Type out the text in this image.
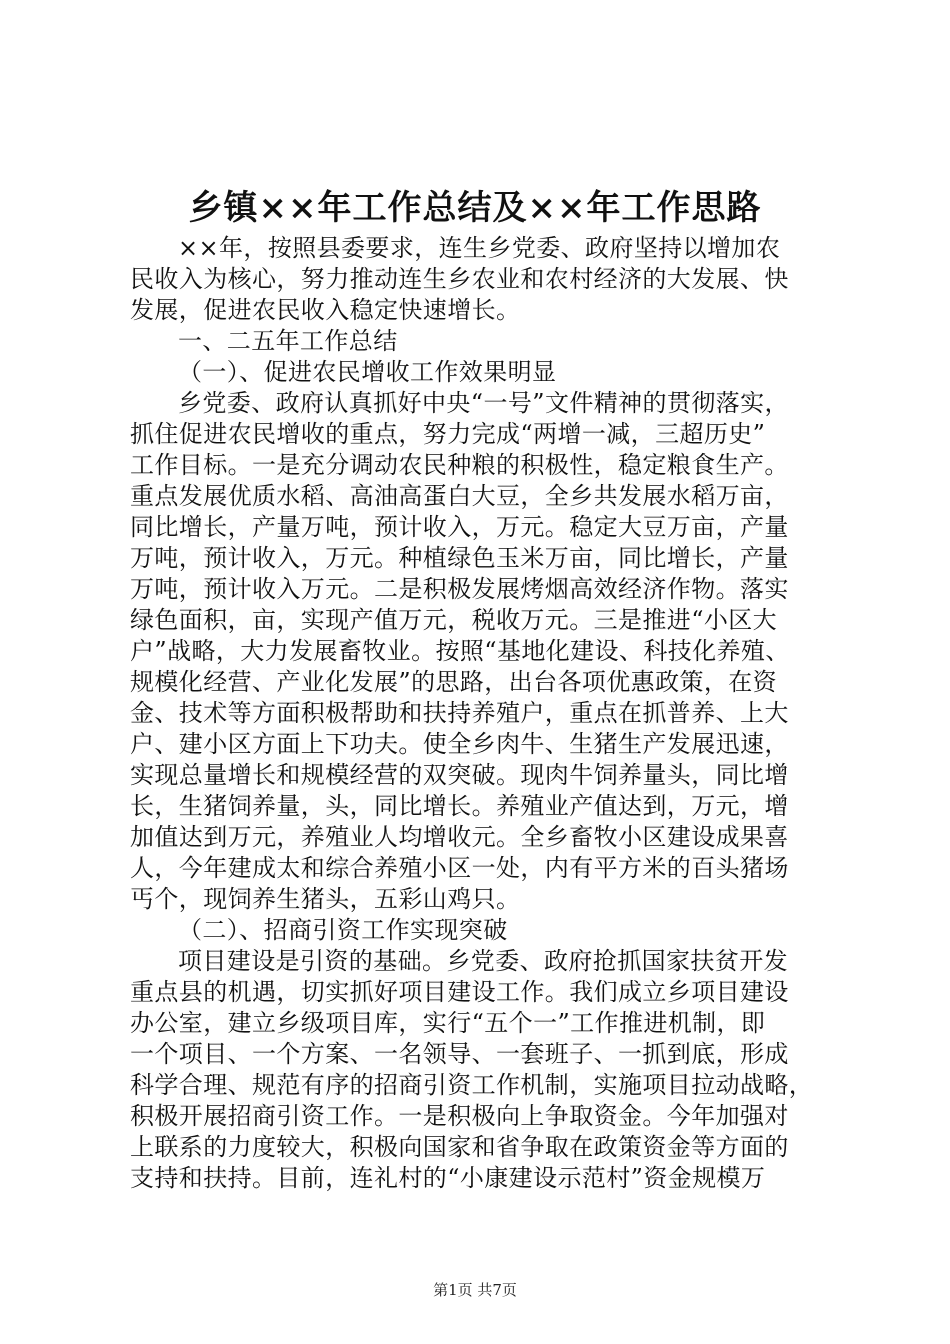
乡镇××年工作总结及××年工作思路
××年，按照县委要求，连生乡党委、政府坚持以增加农
民收入为核心，努力推动连生乡农业和农村经济的大发展、快
发展，促进农民收入稳定快速增长。
一、二五年工作总结
（一）、促进农民增收工作效果明显
乡党委、政府认真抓好中央“一号”文件精神的贯彻落实，
抓住促进农民增收的重点，努力完成“两增一减，三超历史”
工作目标。一是充分调动农民种粮的积极性，稳定粮食生产。
重点发展优质水稻、高油高蛋白大豆，全乡共发展水稻万亩，
同比增长，产量万吨，预计收入，万元。稳定大豆万亩，产量
万吨，预计收入，万元。种植绿色玉米万亩，同比增长，产量
万吨，预计收入万元。二是积极发展烤烟高效经济作物。落实
绿色面积，亩，实现产值万元，税收万元。三是推进“小区大
户”战略，大力发展畜牧业。按照“基地化建设、科技化养殖、
规模化经营、产业化发展”的思路，出台各项优惠政策，在资
金、技术等方面积极帮助和扶持养殖户，重点在抓普养、上大
户、建小区方面上下功夫。使全乡肉牛、生猪生产发展迅速，
实现总量增长和规模经营的双突破。现肉牛饲养量头，同比增
长，生猪饲养量，头，同比增长。养殖业产值达到，万元，增
加值达到万元，养殖业人均增收元。全乡畜牧小区建设成果喜
人，今年建成太和综合养殖小区一处，内有平方米的百头猪场
丐个，现饲养生猪头，五彩山鸡只。
（二）、招商引资工作实现突破
项目建设是引资的基础。乡党委、政府抢抓国家扶贫开发
重点县的机遇，切实抓好项目建设工作。我们成立乡项目建设
办公室，建立乡级项目库，实行“五个一”工作推进机制，即
一个项目、一个方案、一名领导、一套班子、一抓到底，形成
科学合理、规范有序的招商引资工作机制，实施项目拉动战略，
积极开展招商引资工作。一是积极向上争取资金。今年加强对
上联系的力度较大，积极向国家和省争取在政策资金等方面的
支持和扶持。目前，连礼村的“小康建设示范村”资金规模万
第1页 共7页
